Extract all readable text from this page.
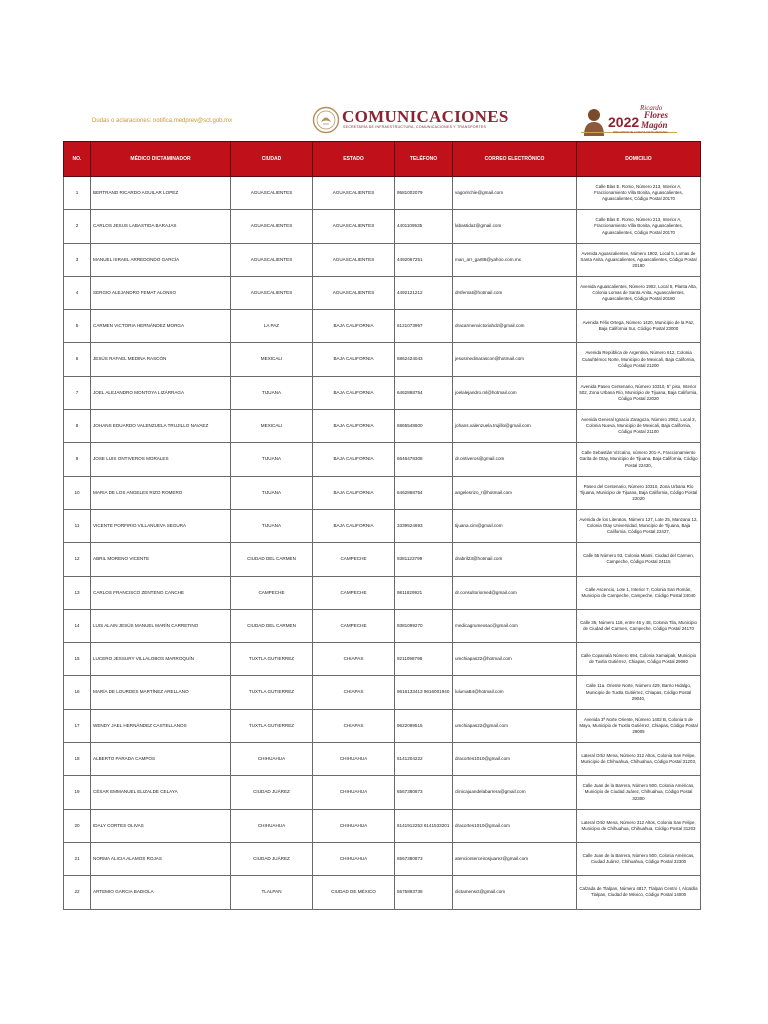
Dudas o aclaraciones: notifica.medprev@sct.gob.mx	COMUNICACIONES
SECRETARÍA DE INFRAESTRUCTURA, COMUNICACIONES Y TRANSPORTES	2022
Ricardo
Flores
Magón
PRECURSOR DE LA REVOLUCIÓN MEXICANA
NO.	MÉDICO DICTAMINADOR	CIUDAD	ESTADO	TELÉFONO	CORREO ELECTRÓNICO	DOMICILIO
1	BERTRAND RICARDO AGUILAR LOPEZ	AGUASCALIENTES	AGUASCALIENTES	9581002079	vagorirchie@gmail.com	Calle Blas E. Romo, Número 213, Interior A, Fraccionamiento Villa Bonita, Aguascalientes, Aguascalientes, Código Postal 20170
2	CARLOS JESUS LABASTIDA BARAJAS	AGUASCALIENTES	AGUASCALIENTES	4401109535	labastidaz@gmail.com	Calle Blas E. Romo, Número 213, Interior A, Fraccionamiento Villa Bonita, Aguascalientes, Aguascalientes, Código Postal 20170
3	MANUEL ISRAEL ARREDONDO GARCÍA	AGUASCALIENTES	AGUASCALIENTES	4492067251	man_arr_gar88@yahoo.com.mx	Avenida Aguascalientes, Número 1902, Local 5, Lomas de Santa Anita, Aguascalientes, Aguascalientes, Código Postal 20180
4	SERGIO ALEJANDRO FEMAT ALONSO	AGUASCALIENTES	AGUASCALIENTES	4492121212	drsfemat@hotmail.com	Avenida Aguascalientes, Número 1902, Local 5, Planta Alta, Colonia Lomas de Santa Anita, Aguascalientes, Aguascalientes, Código Postal 20180
5	CARMEN VICTORIA HERNÁNDEZ MORGA	LA PAZ	BAJA CALIFORNIA	6121073957	dracarmenvictoriahdz@gmail.com	Avenida Félix Ortega, Número 1420, Municipio de la Paz, Baja California Sur, Código Postal 23000
6	JESÚS RAFAEL MEDINA RASCÓN	MEXICALI	BAJA CALIFORNIA	6862424043	jesusmedinarascon@hotmail.com	Avenida República de Argentina, Número 612, Colonia Cuauhtémoc Norte, Municipio de Mexicali, Baja California, Código Postal 21200
7	JOEL ALEJANDRO MONTOYA LIZÁRRAGA	TIJUANA	BAJA CALIFORNIA	6462868754	joelalejandro.ml@hotmail.com	Avenida Paseo Centenario, Número 10310, 5° piso, Interior 502, Zona Urbana Río, Municipio de Tijuana, Baja California, Código Postal 22020
8	JOHANS EDUARDO VALENZUELA TRUJILLO NAVAEZ	MEXICALI	BAJA CALIFORNIA	6865548600	johans.valenzuela.trujillo@gmail.com	Avenida General Ignacio Zaragoza, Número 2062, Local 3, Colonia Nueva, Municipio de Mexicali, Baja California, Código Postal 21100
9	JOSE LUIS ONTIVEROS MORALES	TIJUANA	BAJA CALIFORNIA	6646478308	dr.ontiveros@gmail.com	Calle Sebastián Vizcaíno, número 201-A, Fraccionamiento Garita de Otay, Municipio de Tijuana, Baja California, Código Postal 22430,
10	MARIA DE LOS ANGELES RIZO ROMERO	TIJUANA	BAJA CALIFORNIA	6462868754	angelesrizo_r@hotmail.com	Paseo del Centenario, Número 10310, Zona Urbana Río Tijuana, Municipio de Tijuana, Baja California, Código Postal 22020
11	VICENTE PORFIRIO VILLANUEVA SEGURA	TIJUANA	BAJA CALIFORNIA	3339524693	tijuana.cim@gmail.com	Avenida de los Literatos, Número 127, Lote 25, Manzana 12, Colonia Otay Universidad, Municipio de Tijuana, Baja California, Código Postal 22427,
12	ABRIL MORENO VICENTE	CIUDAD DEL CARMEN	CAMPECHE	9381123799	drabril23@hotmail.com	Calle 55 Número 93, Colonia Miami, Ciudad del Carmen, Campeche, Código Postal 24115
13	CARLOS FRANCISCO ZENTENO CANCHE	CAMPECHE	CAMPECHE	9811829921	dr.consultoriomed@gmail.com	Calle Ascencio, Lote 1, Interior 7, Colonia San Román, Municipio de Campeche, Campeche, Código Postal 24040
14	LUIS ALAIN JESÚS MANUEL MARÍN CARRETINO	CIUDAD DEL CARMEN	CAMPECHE	9381099270	medicagrumexsac@gmail.com	Calle 35, Número 118, entre 46 y 48, Colonia Tila, Municipio de Ciudad del Carmen, Campeche, Código Postal 24170
15	LUCERO JESSURY VILLALOBOS MARROQUÍN	TUXTLA GUTIERREZ	CHIAPAS	9211098798	umchiapas22@hotmail.com	Calle Copainalá Número 694, Colonia Xamaipak, Municipio de Tuxtla Gutiérrez, Chiapas, Código Postal 29060
16	MARÍA DE LOURDES MARTÍNEZ ARELLANO	TUXTLA GUTIERREZ	CHIAPAS	9616133413 9616001940	lulumaB4@hotmail.com	Calle 11a. Oriente Norte, Número 429, Barrio Hidalgo, Municipio de Tuxtla Gutiérrez, Chiapas, Código Postal 29040,
17	WENDY JAEL HERNÁNDEZ CASTELLANOS	TUXTLA GUTIERREZ	CHIAPAS	9622089515	umchiapas22@gmail.com	Avenida 3ª Norte Oriente, Número 1402 B, Colonia 5 de Mayo, Municipio de Tuxtla Gutiérrez, Chiapas, Código Postal 29005
18	ALBERTO PARADA CAMPOS	CHIHUAHUA	CHIHUAHUA	6141204222	dracortes1010@gmail.com	Lateral Ortiz Mena, Número 312 Altos, Colonia San Felipe, Municipio de Chihuahua, Chihuahua, Código Postal 31203,
19	CÉSAR EMMANUEL ELIZALDE CELAYA	CIUDAD JUÁREZ	CHIHUAHUA	6567380873	clinicajuandelabarrera@gmail.com	Calle Juan de la Barrera, Número 500, Colonia Américas, Municipio de Ciudad Juárez, Chihuahua, Código Postal 32300
20	IDALY CORTES OLIVAS	CHIHUAHUA	CHIHUAHUA	6141912253 6141533201	dracortes1010@gmail.com	Lateral Ortiz Mena, Número 312 Altos, Colonia San Felipe, Municipio de Chihuahua, Chihuahua, Código Postal 31203
21	NORMA ALICIA ALAMOS ROJAS	CIUDAD JUÁREZ	CHIHUAHUA	6567380873	atencionterceirosjuarez@gmail.com	Calle Juan de la Barrera, Número 500, Colonia Américas, Ciudad Juárez, Chihuahua, Código Postal 32300
22	ARTEMIO GARCIA BADIOLA	TLALPAN	CIUDAD DE MÉXICO	5575893738	dictamensct@gmail.com	Calzada de Tlalpan, Número 4817, Tlalpan Centro I, Alcaldía Tlalpan, Ciudad de México, Código Postal 14000
